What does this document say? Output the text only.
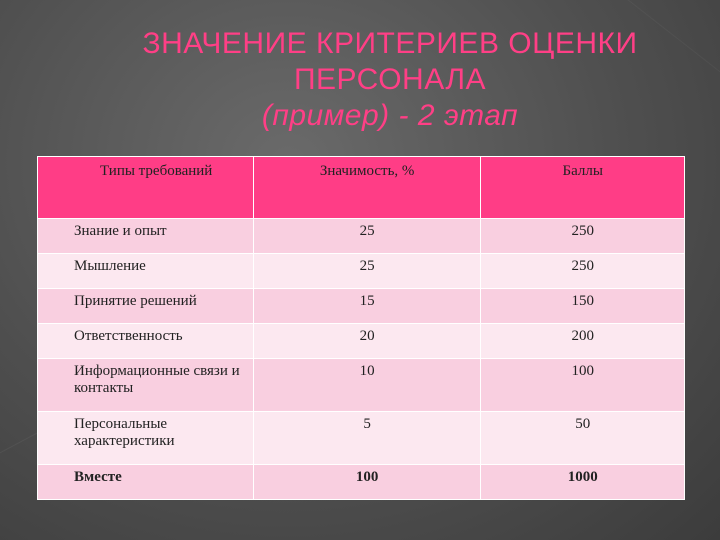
ЗНАЧЕНИЕ КРИТЕРИЕВ ОЦЕНКИ
ПЕРСОНАЛА
(пример) - 2 этап
Типы требований	Значимость, %	Баллы
Знание и опыт	25	250
Мышление	25	250
Принятие решений	15	150
Ответственность	20	200
Информационные связи и контакты	10	100
Персональные характеристики	5	50
Вместе	100	1000
